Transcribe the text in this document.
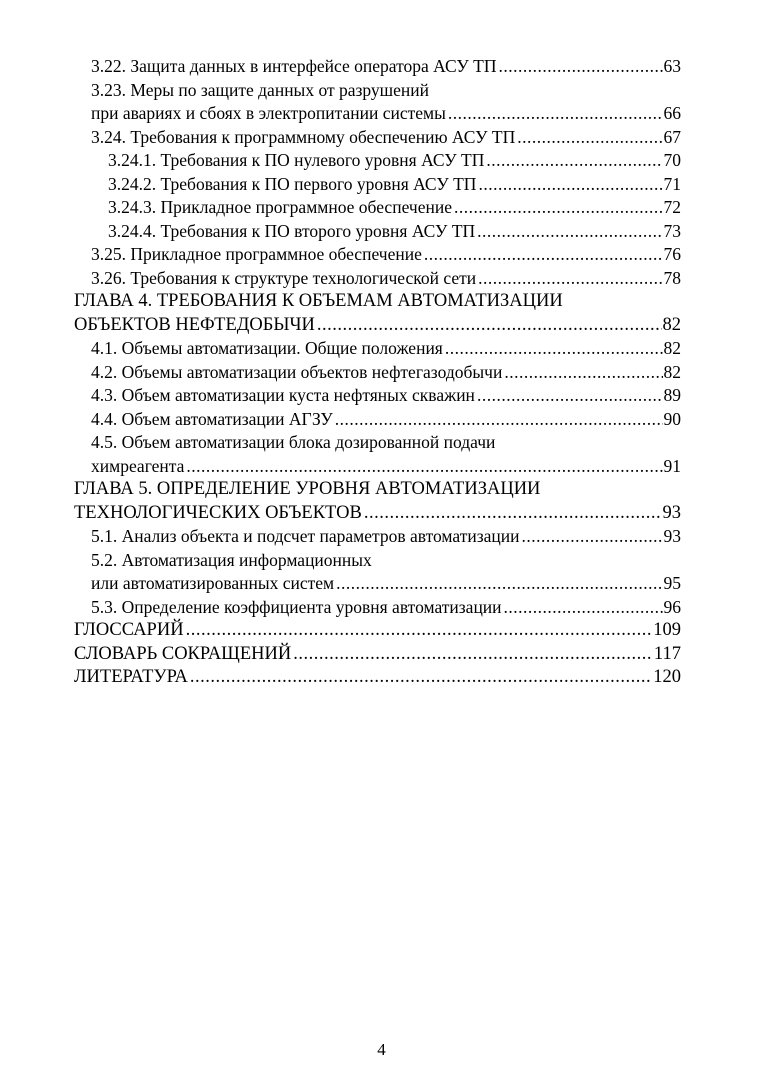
3.22. Защита данных в интерфейсе оператора АСУ ТП .....	63
3.23. Меры по защите данных от разрушений
при авариях и сбоях в электропитании системы .....	66
3.24. Требования к программному обеспечению АСУ ТП .....	67
3.24.1. Требования к ПО нулевого уровня АСУ ТП .....	70
3.24.2. Требования к ПО первого уровня АСУ ТП .....	71
3.24.3. Прикладное программное обеспечение .....	72
3.24.4. Требования к ПО второго уровня АСУ ТП .....	73
3.25. Прикладное программное обеспечение .....	76
3.26. Требования к структуре технологической сети .....	78
ГЛАВА 4. ТРЕБОВАНИЯ К ОБЪЕМАМ АВТОМАТИЗАЦИИ
ОБЪЕКТОВ НЕФТЕДОБЫЧИ .....	82
4.1. Объемы автоматизации. Общие положения .....	82
4.2. Объемы автоматизации объектов нефтегазодобычи .....	82
4.3. Объем автоматизации куста нефтяных скважин .....	89
4.4. Объем автоматизации АГЗУ .....	90
4.5. Объем автоматизации блока дозированной подачи
химреагента .....	91
ГЛАВА 5. ОПРЕДЕЛЕНИЕ УРОВНЯ АВТОМАТИЗАЦИИ
ТЕХНОЛОГИЧЕСКИХ ОБЪЕКТОВ .....	93
5.1. Анализ объекта и подсчет параметров автоматизации .....	93
5.2. Автоматизация информационных
или автоматизированных систем .....	95
5.3. Определение коэффициента уровня автоматизации .....	96
ГЛОССАРИЙ .....	109
СЛОВАРЬ СОКРАЩЕНИЙ .....	117
ЛИТЕРАТУРА .....	120
4
